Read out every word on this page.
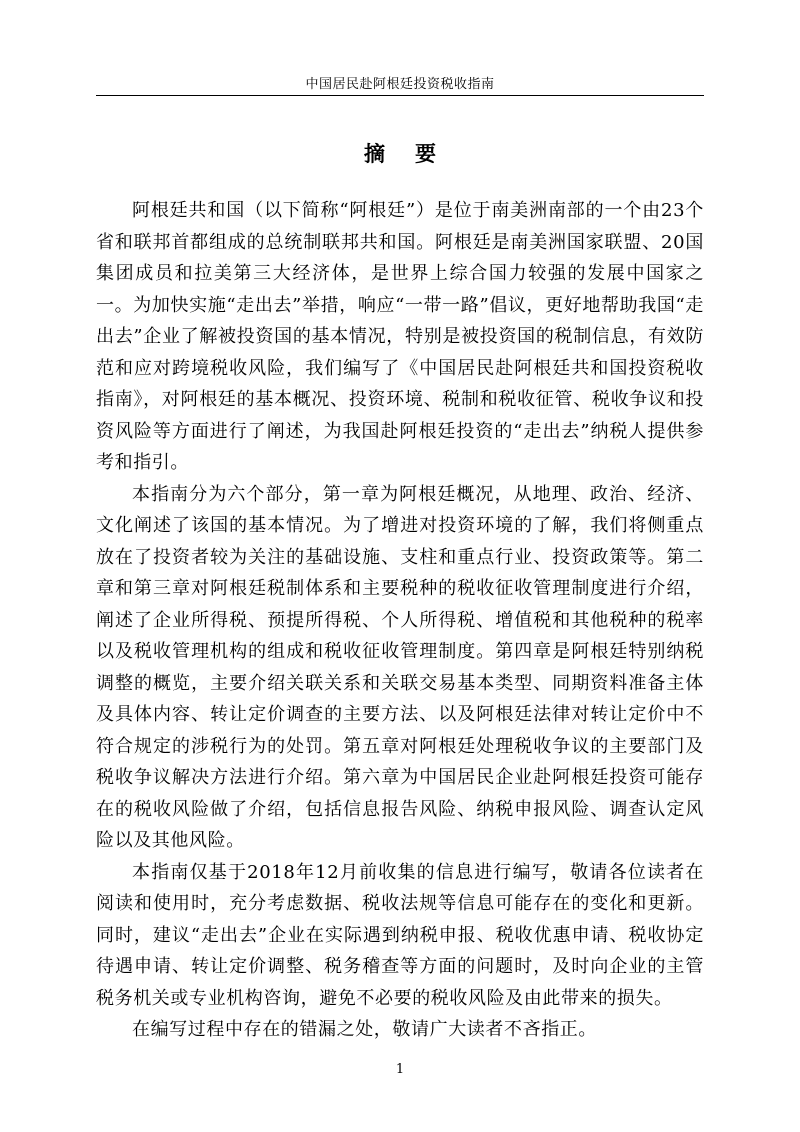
中国居民赴阿根廷投资税收指南
摘要

阿根廷共和国（以下简称“阿根廷”）是位于南美洲南部的一个由23个省和联邦首都组成的总统制联邦共和国。阿根廷是南美洲国家联盟、20国集团成员和拉美第三大经济体，是世界上综合国力较强的发展中国家之一。为加快实施“走出去”举措，响应“一带一路”倡议，更好地帮助我国“走出去”企业了解被投资国的基本情况，特别是被投资国的税制信息，有效防范和应对跨境税收风险，我们编写了《中国居民赴阿根廷共和国投资税收指南》，对阿根廷的基本概况、投资环境、税制和税收征管、税收争议和投资风险等方面进行了阐述，为我国赴阿根廷投资的“走出去”纳税人提供参考和指引。

本指南分为六个部分，第一章为阿根廷概况，从地理、政治、经济、文化阐述了该国的基本情况。为了增进对投资环境的了解，我们将侧重点放在了投资者较为关注的基础设施、支柱和重点行业、投资政策等。第二章和第三章对阿根廷税制体系和主要税种的税收征收管理制度进行介绍，阐述了企业所得税、预提所得税、个人所得税、增值税和其他税种的税率以及税收管理机构的组成和税收征收管理制度。第四章是阿根廷特别纳税调整的概览，主要介绍关联关系和关联交易基本类型、同期资料准备主体及具体内容、转让定价调查的主要方法、以及阿根廷法律对转让定价中不符合规定的涉税行为的处罚。第五章对阿根廷处理税收争议的主要部门及税收争议解决方法进行介绍。第六章为中国居民企业赴阿根廷投资可能存在的税收风险做了介绍，包括信息报告风险、纳税申报风险、调查认定风险以及其他风险。

本指南仅基于2018年12月前收集的信息进行编写，敬请各位读者在阅读和使用时，充分考虑数据、税收法规等信息可能存在的变化和更新。同时，建议“走出去”企业在实际遇到纳税申报、税收优惠申请、税收协定待遇申请、转让定价调整、税务稽查等方面的问题时，及时向企业的主管税务机关或专业机构咨询，避免不必要的税收风险及由此带来的损失。

在编写过程中存在的错漏之处，敬请广大读者不吝指正。

1
